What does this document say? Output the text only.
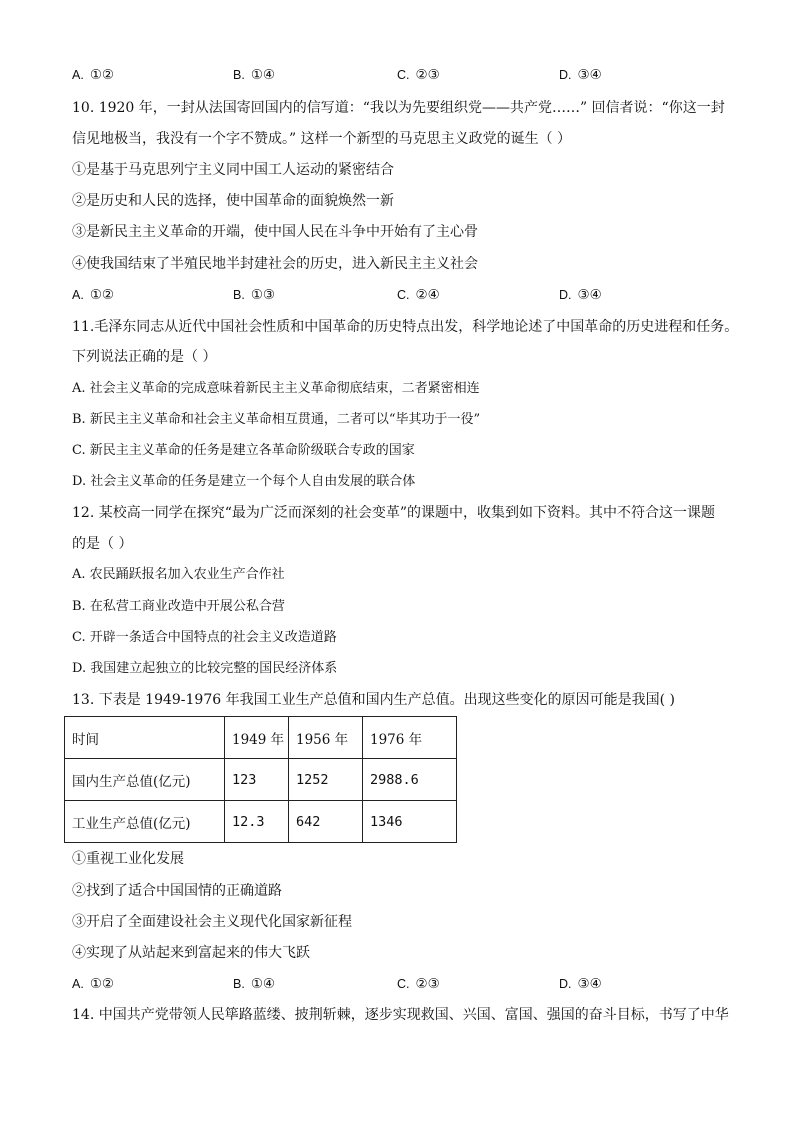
A. ①②	B. ①④	C. ②③	D. ③④
10. 1920 年，一封从法国寄回国内的信写道：“我以为先要组织党——共产党……” 回信者说：“你这一封
信见地极当，我没有一个字不赞成。” 这样一个新型的马克思主义政党的诞生（ ）
①是基于马克思列宁主义同中国工人运动的紧密结合
②是历史和人民的选择，使中国革命的面貌焕然一新
③是新民主主义革命的开端，使中国人民在斗争中开始有了主心骨
④使我国结束了半殖民地半封建社会的历史，进入新民主主义社会
A. ①②	B. ①③	C. ②④	D. ③④
11.毛泽东同志从近代中国社会性质和中国革命的历史特点出发，科学地论述了中国革命的历史进程和任务。
下列说法正确的是（ ）
A. 社会主义革命的完成意味着新民主主义革命彻底结束，二者紧密相连
B. 新民主主义革命和社会主义革命相互贯通，二者可以“毕其功于一役”
C. 新民主主义革命的任务是建立各革命阶级联合专政的国家
D. 社会主义革命的任务是建立一个每个人自由发展的联合体
12. 某校高一同学在探究“最为广泛而深刻的社会变革”的课题中，收集到如下资料。其中不符合这一课题
的是（ ）
A. 农民踊跃报名加入农业生产合作社
B. 在私营工商业改造中开展公私合营
C. 开辟一条适合中国特点的社会主义改造道路
D. 我国建立起独立的比较完整的国民经济体系
13. 下表是 1949-1976 年我国工业生产总值和国内生产总值。出现这些变化的原因可能是我国( )
时间	1949 年	1956 年	1976 年
国内生产总值(亿元)	123	1252	2988.6
工业生产总值(亿元)	12.3	642	1346
①重视工业化发展
②找到了适合中国国情的正确道路
③开启了全面建设社会主义现代化国家新征程
④实现了从站起来到富起来的伟大飞跃
A. ①②	B. ①④	C. ②③	D. ③④
14. 中国共产党带领人民筚路蓝缕、披荆斩棘，逐步实现救国、兴国、富国、强国的奋斗目标，书写了中华
